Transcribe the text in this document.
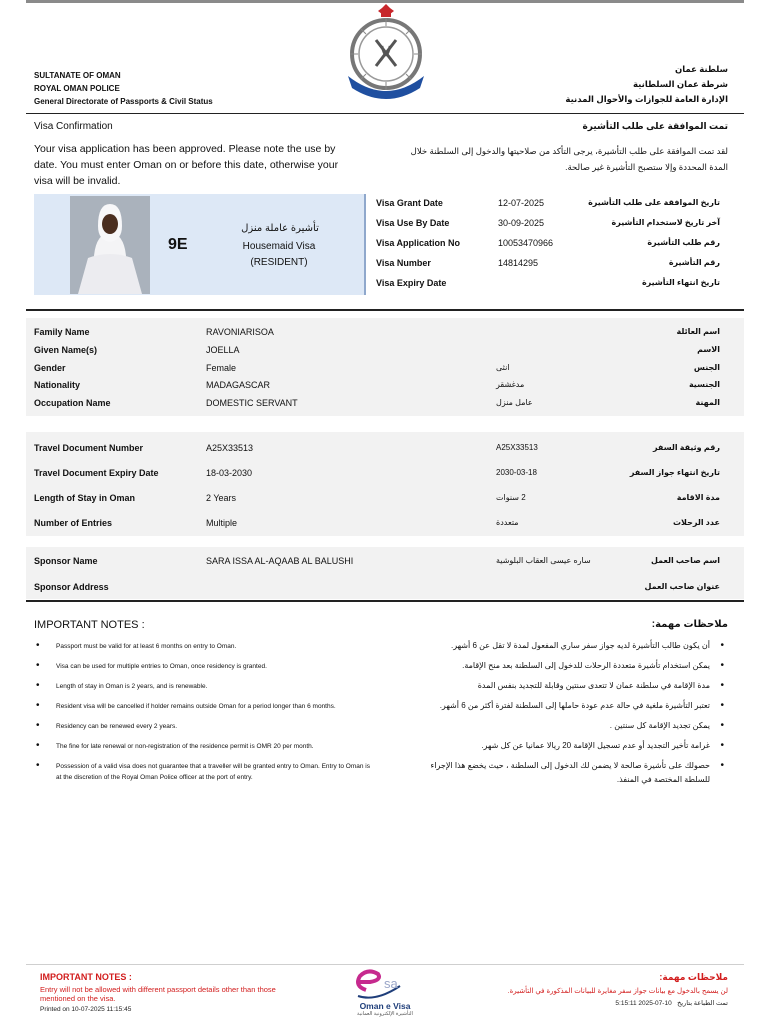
SULTANATE OF OMAN
ROYAL OMAN POLICE
General Directorate of Passports & Civil Status
سلطنة عمان
شرطة عمان السلطانية
الإدارة العامة للجوازات والأحوال المدنية
Visa Confirmation	تمت الموافقة على طلب التأشيرة
Your visa application has been approved. Please note the use by date. You must enter Oman on or before this date, otherwise your visa will be invalid.
لقد تمت الموافقة على طلب التأشيرة، يرجى التأكد من صلاحيتها والدخول إلى السلطنة خلال المدة المحددة وإلا ستصبح التأشيرة غير صالحة.
9E
تأشيرة عاملة منزل
Housemaid Visa
(RESIDENT)
Visa Grant Date	12-07-2025	تاريخ الموافقة على طلب التأشيرة
Visa Use By Date	30-09-2025	آخر تاريخ لاستخدام التأشيرة
Visa Application No	10053470966	رقم طلب التأشيرة
Visa Number	14814295	رقم التأشيرة
Visa Expiry Date	تاريخ انتهاء التأشيرة
Family Name	RAVONIARISOA	اسم العائلة
Given Name(s)	JOELLA	الاسم
Gender	Female	انثى	الجنس
Nationality	MADAGASCAR	مدغشقر	الجنسية
Occupation Name	DOMESTIC SERVANT	عامل منزل	المهنة
Travel Document Number	A25X33513	A25X33513	رقم وثيقة السفر
Travel Document Expiry Date	18-03-2030	2030-03-18	تاريخ انتهاء جواز السفر
Length of Stay in Oman	2 Years	2 سنوات	مدة الاقامة
Number of Entries	Multiple	متعددة	عدد الرحلات
Sponsor Name	SARA ISSA AL-AQAAB AL BALUSHI	ساره عيسى العقاب البلوشية	اسم صاحب العمل
Sponsor Address	عنوان صاحب العمل
IMPORTANT NOTES :	ملاحظات مهمة:
•	Passport must be valid for at least 6 months on entry to Oman.	أن يكون طالب التأشيرة لديه جواز سفر ساري المفعول لمدة لا تقل عن 6 أشهر. •
•	Visa can be used for multiple entries to Oman, once residency is granted.	يمكن استخدام تأشيرة متعددة الرحلات للدخول إلى السلطنة بعد منح الإقامة. •
•	Length of stay in Oman is 2 years, and is renewable.	مدة الإقامة في سلطنة عمان لا تتعدى سنتين وقابلة للتجديد بنفس المدة •
•	Resident visa will be cancelled if holder remains outside Oman for a period longer than 6 months.	تعتبر التأشيرة ملغية في حالة عدم عودة حاملها إلى السلطنة لفترة أكثر من 6 أشهر. •
•	Residency can be renewed every 2 years.	يمكن تجديد الإقامة كل سنتين . •
•	The fine for late renewal or non-registration of the residence permit is OMR 20 per month.	غرامة تأخير التجديد أو عدم تسجيل الإقامة 20 ريالا عمانيا عن كل شهر. •
•	Possession of a valid visa does not guarantee that a traveller will be granted entry to Oman. Entry to Oman is at the discretion of the Royal Oman Police officer at the port of entry.
حصولك على تأشيرة صالحة لا يضمن لك الدخول إلى السلطنة ، حيث يخضع هذا الإجراء للسلطة المختصة في المنفذ.
•
IMPORTANT NOTES :
Entry will not be allowed with different passport details other than those mentioned on the visa.
Printed on 10-07-2025 11:15:45
sa
Oman e Visa
التأشيرة الإلكترونية العمانية
ملاحظات مهمة:
لن يسمح بالدخول مع بيانات جواز سفر مغايرة للبيانات المذكورة في التأشيرة.
5:15:11 2025-07-10 تمت الطباعة بتاريخ
